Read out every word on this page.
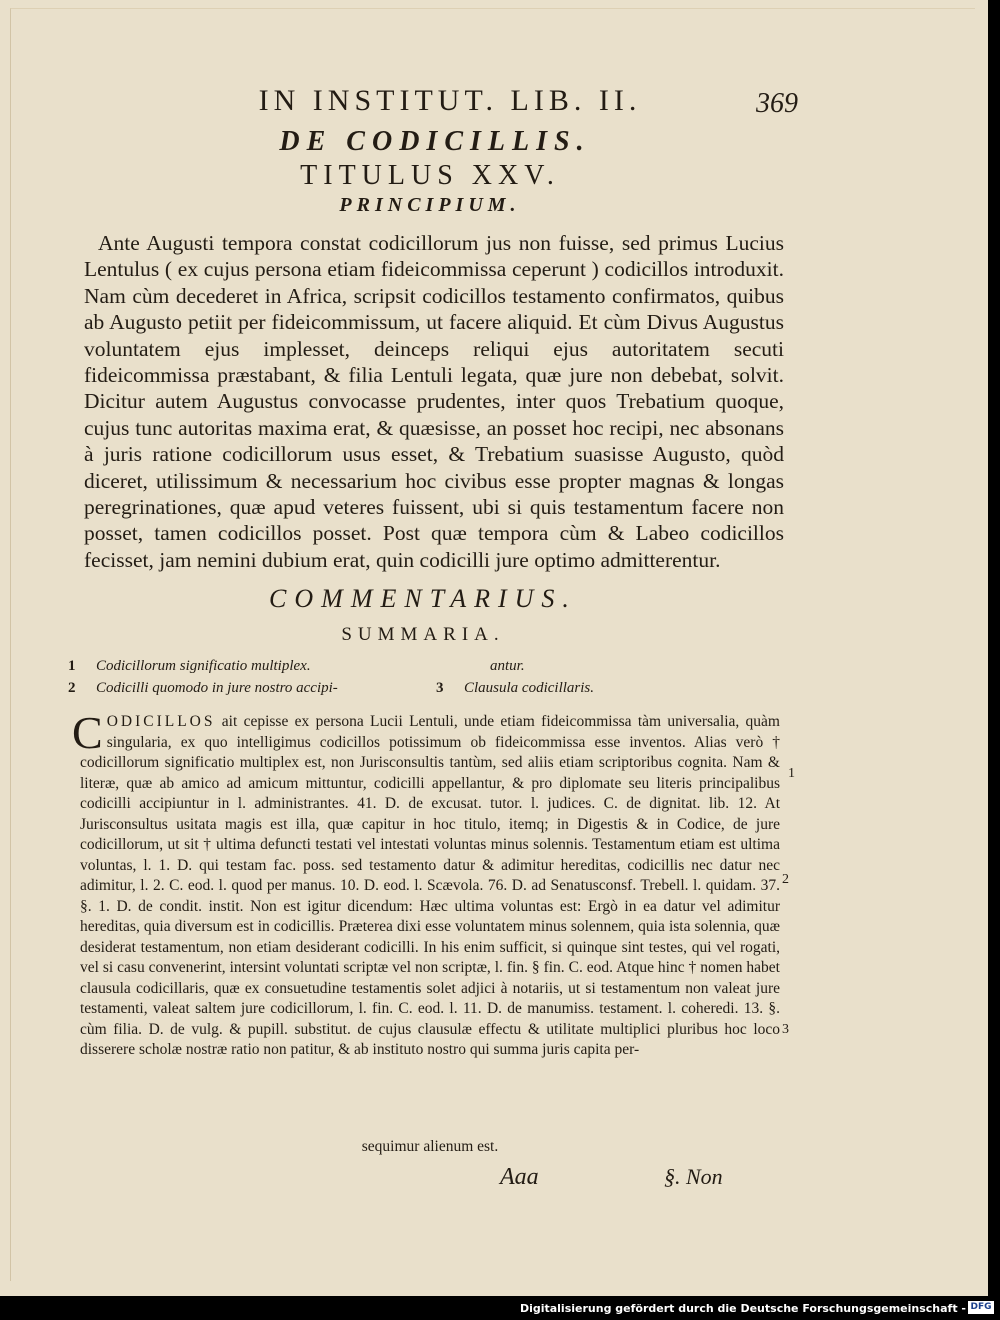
IN INSTITUT. LIB. II.	369
DE CODICILLIS.
TITULUS XXV.
PRINCIPIUM.

Ante Augusti tempora constat codicillorum jus non fuisse, sed primus Lucius Lentulus ( ex cujus persona etiam fideicommissa ceperunt ) codicillos introduxit. Nam cùm decederet in Africa, scripsit codicillos testamento confirmatos, quibus ab Augusto petiit per fideicommissum, ut facere aliquid. Et cùm Divus Augustus voluntatem ejus implesset, deinceps reliqui ejus autoritatem secuti fideicommissa præstabant, & filia Lentuli legata, quæ jure non debebat, solvit. Dicitur autem Augustus convocasse prudentes, inter quos Trebatium quoque, cujus tunc autoritas maxima erat, & quæsisse, an posset hoc recipi, nec absonans à juris ratione codicillorum usus esset, & Trebatium suasisse Augusto, quòd diceret, utilissimum & necessarium hoc civibus esse propter magnas & longas peregrinationes, quæ apud veteres fuissent, ubi si quis testamentum facere non posset, tamen codicillos posset. Post quæ tempora cùm & Labeo codicillos fecisset, jam nemini dubium erat, quin codicilli jure optimo admitterentur.

COMMENTARIUS.
SUMMARIA.
1 Codicillorum significatio multiplex.
2 Codicilli quomodo in jure nostro accipi-
antur.
3 Clausula codicillaris.

CODICILLOS ait cepisse ex persona Lucii Lentuli, unde etiam fideicommissa tàm universalia, quàm singularia, ex quo intelligimus codicillos potissimum ob fideicommissa esse inventos. Alias verò † codicillorum significatio multiplex est, non Jurisconsultis tantùm, sed aliis etiam scriptoribus cognita. Nam & literæ, quæ ab amico ad amicum mittuntur, codicilli appellantur, & pro diplomate seu literis principalibus codicilli accipiuntur in l. administrantes. 41. D. de excusat. tutor. l. judices. C. de dignitat. lib. 12. At Jurisconsultus usitata magis est illa, quæ capitur in hoc titulo, itemq; in Digestis & in Codice, de jure codicillorum, ut sit † ultima defuncti testati vel intestati voluntas minus solennis. Testamentum etiam est ultima voluntas, l. 1. D. qui testam fac. poss. sed testamento datur & adimitur hereditas, codicillis nec datur nec adimitur, l. 2. C. eod. l. quod per manus. 10. D. eod. l. Scævola. 76. D. ad Senatusconsf. Trebell. l. quidam. 37. §. 1. D. de condit. instit. Non est igitur dicendum: Hæc ultima voluntas est: Ergò in ea datur vel adimitur hereditas, quia diversum est in codicillis. Præterea dixi esse voluntatem minus solennem, quia ista solennia, quæ desiderat testamentum, non etiam desiderant codicilli. In his enim sufficit, si quinque sint testes, qui vel rogati, vel si casu convenerint, intersint voluntati scriptæ vel non scriptæ, l. fin. § fin. C. eod. Atque hinc † nomen habet clausula codicillaris, quæ ex consuetudine testamentis solet adjici à notariis, ut si testamentum non valeat jure testamenti, valeat saltem jure codicillorum, l. fin. C. eod. l. 11. D. de manumiss. testament. l. coheredi. 13. §. cùm filia. D. de vulg. & pupill. substitut. de cujus clausulæ effectu & utilitate multiplici pluribus hoc loco disserere scholæ nostræ ratio non patitur, & ab instituto nostro qui summa juris capita per-

sequimur alienum est.
1
2
3
Aaa	§. Non
Digitalisierung gefördert durch die Deutsche Forschungsgemeinschaft - DFG
